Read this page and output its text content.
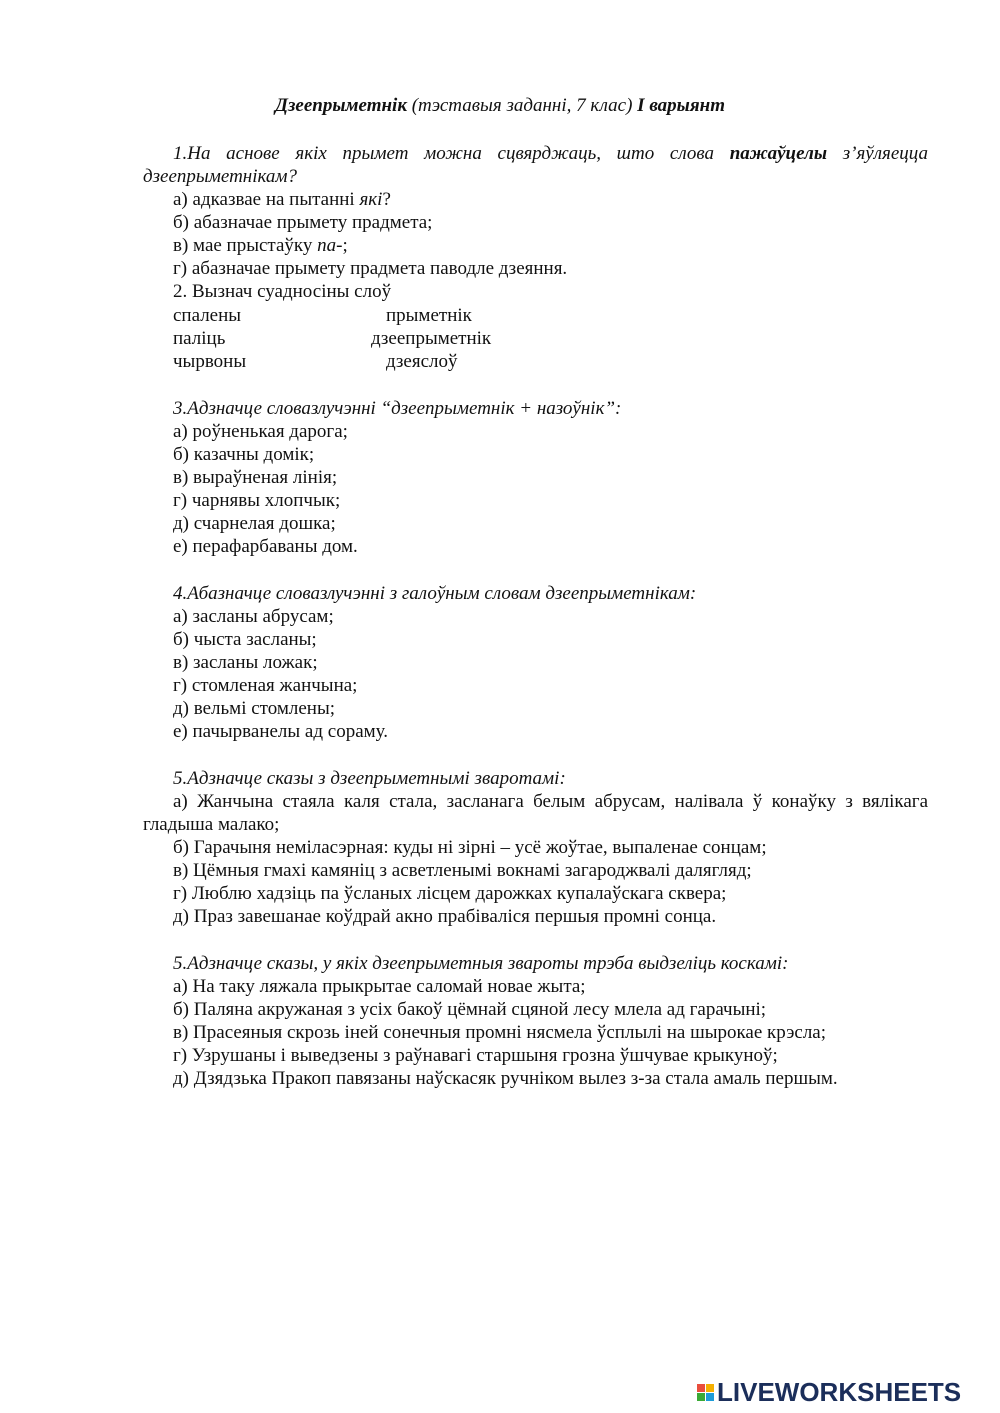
Дзеепрыметнік (тэставыя заданні, 7 клас) I варыянт
1.На аснове якіх прымет можна сцвярджаць, што слова пажаўцелы з’яўляецца дзеепрыметнікам?
а) адказвае на пытанні які?
б) абазначае прымету прадмета;
в) мае прыстаўку па-;
г) абазначае прымету прадмета паводле дзеяння.
2. Вызнач суадносіны слоў
спалены
паліць
чырвоны
прыметнік
дзеепрыметнік
дзеяслоў
3.Адзначце словазлучэнні “дзеепрыметнік + назоўнік”:
а) роўненькая дарога;
б) казачны домік;
в) выраўненая лінія;
г) чарнявы хлопчык;
д) счарнелая дошка;
е) перафарбаваны дом.
4.Абазначце словазлучэнні з галоўным словам дзеепрыметнікам:
а) засланы абрусам;
б) чыста засланы;
в) засланы ложак;
г) стомленая жанчына;
д) вельмі стомлены;
е) пачырванелы ад сораму.
5.Адзначце сказы з дзеепрыметнымі зваротамі:
а) Жанчына стаяла каля стала, засланага белым абрусам, налівала ў конаўку з вялікага гладыша малако;
б) Гарачыня неміласэрная: куды ні зірні – усё жоўтае, выпаленае сонцам;
в) Цёмныя гмахі камяніц з асветленымі вокнамі загароджвалі далягляд;
г) Люблю хадзіць па ўсланых лісцем дарожках купалаўскага сквера;
д) Праз завешанае коўдрай акно прабіваліся першыя промні сонца.
5.Адзначце сказы, у якіх дзеепрыметныя звароты трэба выдзеліць коскамі:
а) На таку ляжала прыкрытае саломай новае жыта;
б) Паляна акружаная з усіх бакоў цёмнай сцяной лесу млела ад гарачыні;
в) Прасеяныя скрозь іней сонечныя промні нясмела ўсплылі на шырокае крэсла;
г) Узрушаны і выведзены з раўнавагі старшыня грозна ўшчувае крыкуноў;
д) Дзядзька Пракоп павязаны наўскасяк ручніком вылез з-за стала амаль першым.
LIVEWORKSHEETS
